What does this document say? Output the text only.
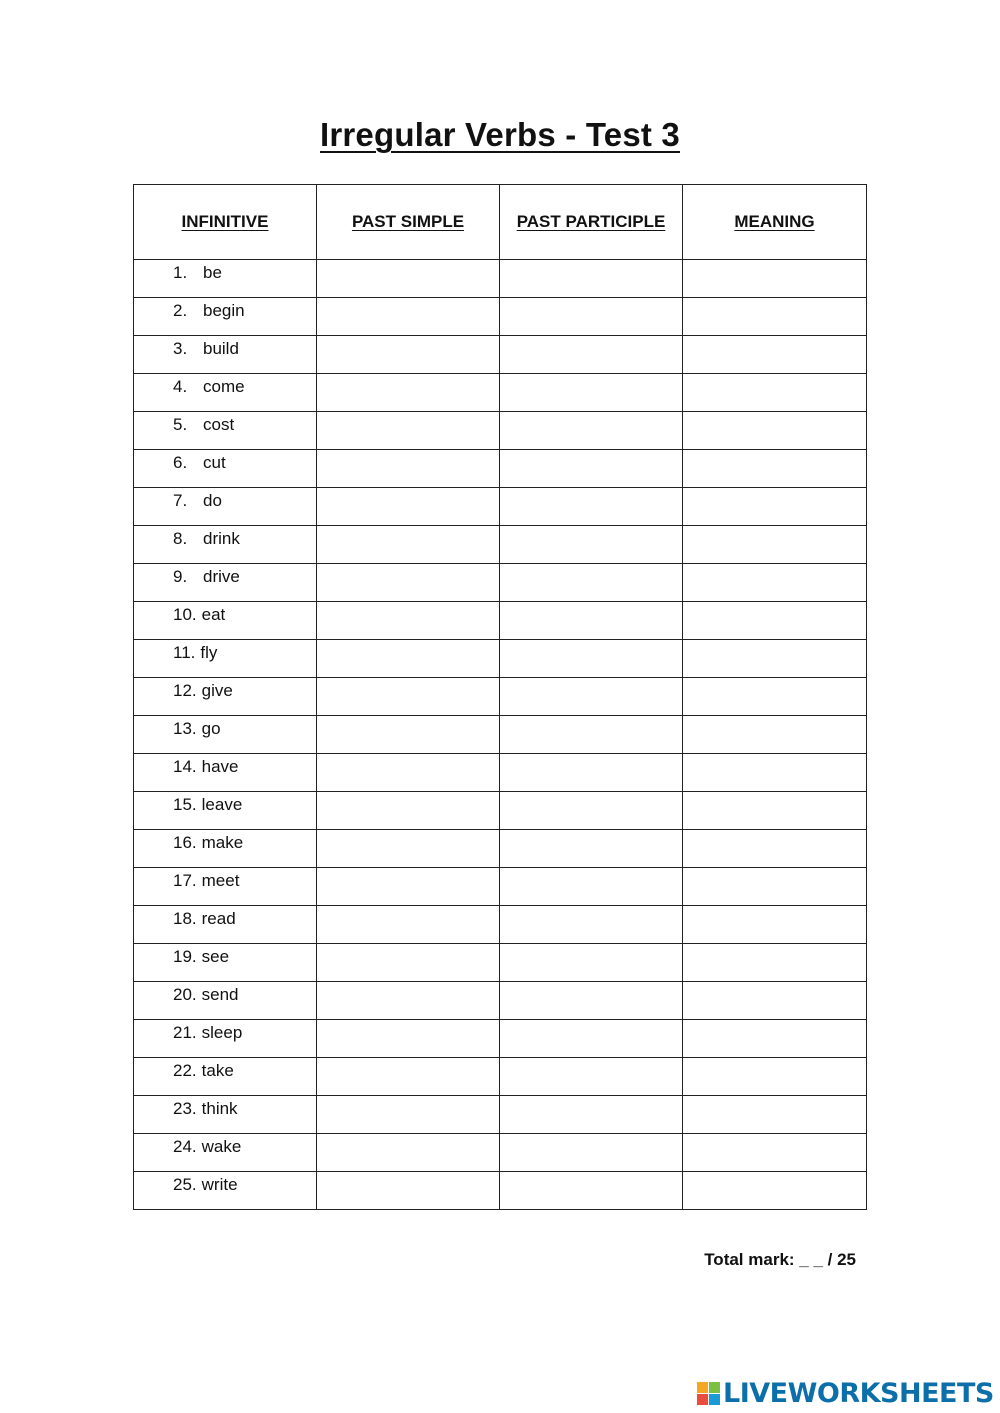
Irregular Verbs - Test 3
INFINITIVE	PAST SIMPLE	PAST PARTICIPLE	MEANING

1. be			

2. begin			

3. build			

4. come			

5. cost			

6. cut			

7. do			

8. drink			

9. drive			

10. eat			

11. fly			

12. give			

13. go			

14. have			

15. leave			

16. make			

17. meet			

18. read			

19. see			

20. send			

21. sleep			

22. take			

23. think			

24. wake			

25. write			

Total mark: _ _ / 25
LIVEWORKSHEETS
